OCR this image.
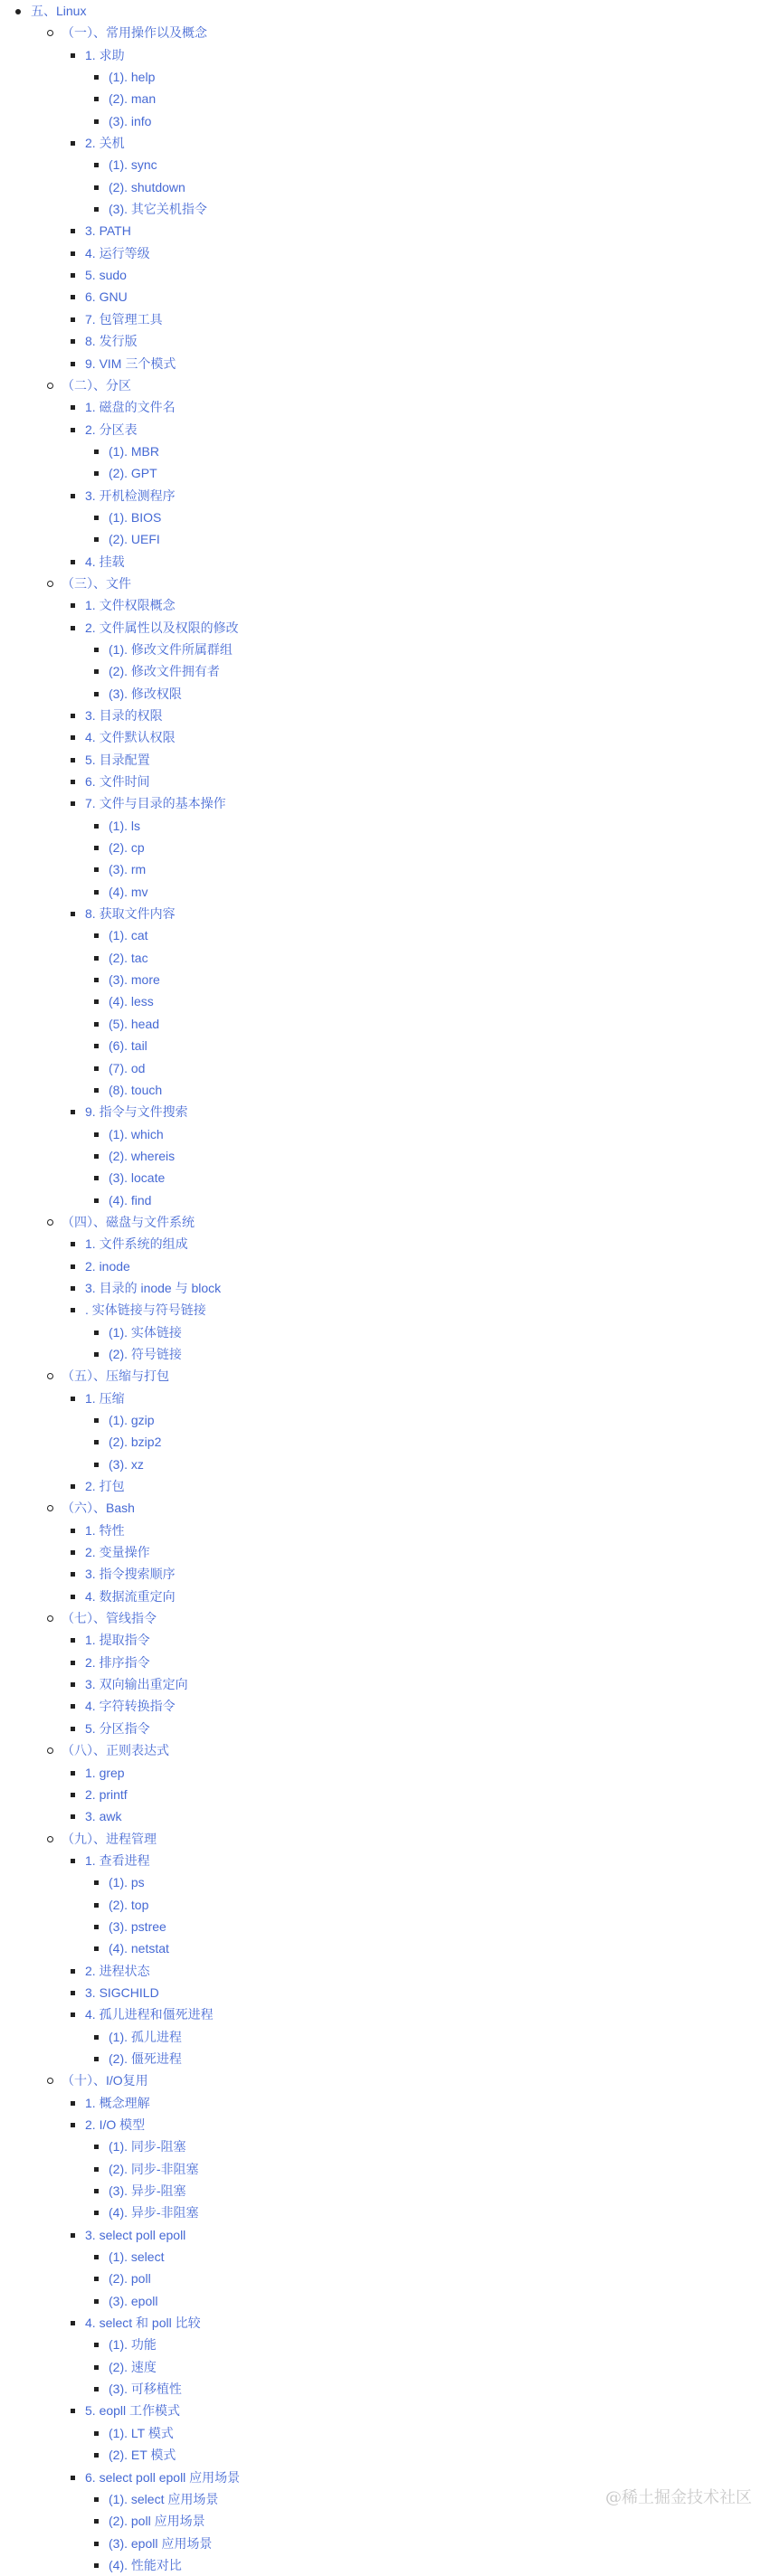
五、Linux
（一）、常用操作以及概念
1. 求助
(1). help
(2). man
(3). info
2. 关机
(1). sync
(2). shutdown
(3). 其它关机指令
3. PATH
4. 运行等级
5. sudo
6. GNU
7. 包管理工具
8. 发行版
9. VIM 三个模式
（二）、分区
1. 磁盘的文件名
2. 分区表
(1). MBR
(2). GPT
3. 开机检测程序
(1). BIOS
(2). UEFI
4. 挂载
（三）、文件
1. 文件权限概念
2. 文件属性以及权限的修改
(1). 修改文件所属群组
(2). 修改文件拥有者
(3). 修改权限
3. 目录的权限
4. 文件默认权限
5. 目录配置
6. 文件时间
7. 文件与目录的基本操作
(1). ls
(2). cp
(3). rm
(4). mv
8. 获取文件内容
(1). cat
(2). tac
(3). more
(4). less
(5). head
(6). tail
(7). od
(8). touch
9. 指令与文件搜索
(1). which
(2). whereis
(3). locate
(4). find
（四）、磁盘与文件系统
1. 文件系统的组成
2. inode
3. 目录的 inode 与 block
. 实体链接与符号链接
(1). 实体链接
(2). 符号链接
（五）、压缩与打包
1. 压缩
(1). gzip
(2). bzip2
(3). xz
2. 打包
（六）、Bash
1. 特性
2. 变量操作
3. 指令搜索顺序
4. 数据流重定向
（七）、管线指令
1. 提取指令
2. 排序指令
3. 双向输出重定向
4. 字符转换指令
5. 分区指令
（八）、正则表达式
1. grep
2. printf
3. awk
（九）、进程管理
1. 查看进程
(1). ps
(2). top
(3). pstree
(4). netstat
2. 进程状态
3. SIGCHILD
4. 孤儿进程和僵死进程
(1). 孤儿进程
(2). 僵死进程
（十）、I/O复用
1. 概念理解
2. I/O 模型
(1). 同步-阻塞
(2). 同步-非阻塞
(3). 异步-阻塞
(4). 异步-非阻塞
3. select poll epoll
(1). select
(2). poll
(3). epoll
4. select 和 poll 比较
(1). 功能
(2). 速度
(3). 可移植性
5. eopll 工作模式
(1). LT 模式
(2). ET 模式
6. select poll epoll 应用场景
(1). select 应用场景
(2). poll 应用场景
(3). epoll 应用场景
(4). 性能对比
@稀土掘金技术社区
